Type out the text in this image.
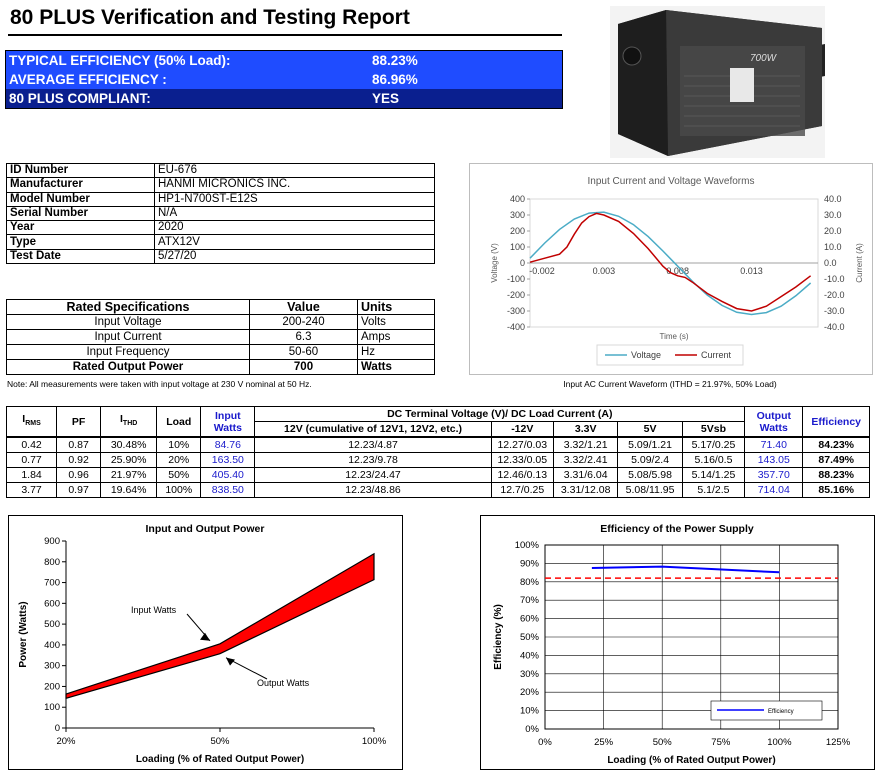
80 PLUS Verification and Testing Report
TYPICAL EFFICIENCY (50% Load):	88.23%
AVERAGE EFFICIENCY :	86.96%
80 PLUS COMPLIANT:	YES
700W
ID Number	EU-676
Manufacturer	HANMI MICRONICS INC.
Model Number	HP1-N700ST-E12S
Serial Number	N/A
Year	2020
Type	ATX12V
Test Date	5/27/20
Rated Specifications	Value	Units
Input Voltage	200-240	Volts
Input Current	6.3	Amps
Input Frequency	50-60	Hz
Rated Output Power	700	Watts
Note: All measurements were taken with input voltage at 230 V nominal at 50 Hz.
Input Current and Voltage Waveforms
400
300
200
100
0
-100
-200
-300
-400
40.0
30.0
20.0
10.0
0.0
-10.0
-20.0
-30.0
-40.0
-0.002	0.003	0.008	0.013
Voltage (V)	Current (A)
Time (s)
Voltage	Current
Input AC Current Waveform (ITHD = 21.97%, 50% Load)
$I_{RMS}$	PF	$I_{THD}$	Load	Input Watts	DC Terminal Voltage (V)/ DC Load Current (A)					Output Watts	Efficiency
					12V (cumulative of 12V1, 12V2, etc.)	-12V	3.3V	5V	5Vsb		
0.42	0.87	30.48%	10%	84.76	12.23/4.87	12.27/0.03	3.32/1.21	5.09/1.21	5.17/0.25	71.40	84.23%
0.77	0.92	25.90%	20%	163.50	12.23/9.78	12.33/0.05	3.32/2.41	5.09/2.4	5.16/0.5	143.05	87.49%
1.84	0.96	21.97%	50%	405.40	12.23/24.47	12.46/0.13	3.31/6.04	5.08/5.98	5.14/1.25	357.70	88.23%
3.77	0.97	19.64%	100%	838.50	12.23/48.86	12.7/0.25	3.31/12.08	5.08/11.95	5.1/2.5	714.04	85.16%
Input and Output Power
0
100
200
300
400
500
600
700
800
900
20%	50%	100%
Power (Watts)
Loading (% of Rated Output Power)
Input Watts
Output Watts
Efficiency of the Power Supply
0%
10%
20%
30%
40%
50%
60%
70%
80%
90%
100%
0%	25%	50%	75%	100%	125%
Efficiency (%)
Loading (% of Rated Output Power)
Efficiency
